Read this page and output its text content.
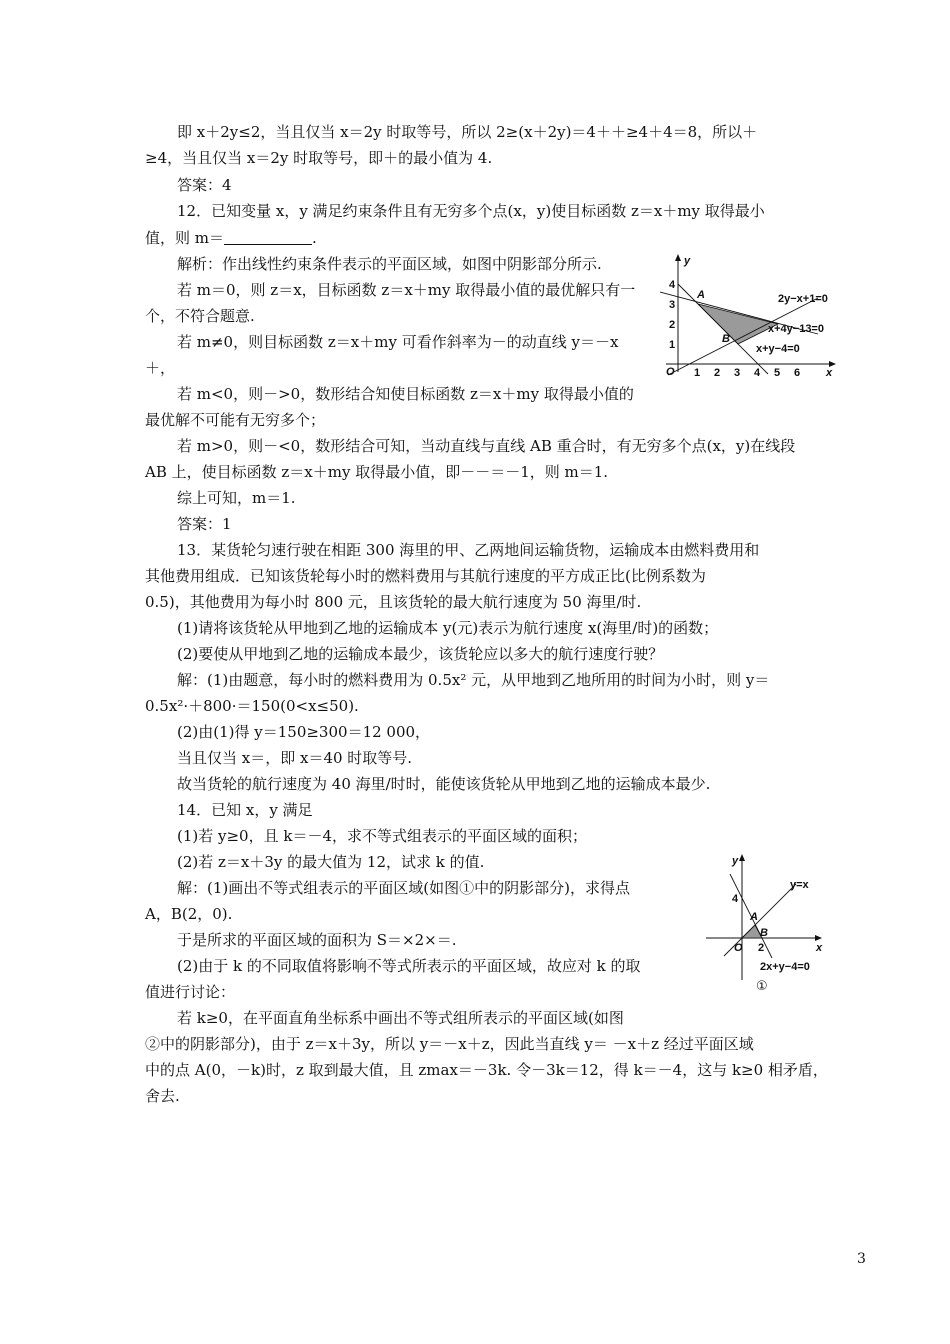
即 x＋2y≤2，当且仅当 x＝2y 时取等号，所以 2≥(x＋2y)＝4＋＋≥4＋4＝8，所以＋
≥4，当且仅当 x＝2y 时取等号，即＋的最小值为 4.
答案：4
12．已知变量 x，y 满足约束条件且有无穷多个点(x，y)使目标函数 z＝x＋my 取得最小
值，则 m＝	.
解析：作出线性约束条件表示的平面区域，如图中阴影部分所示.
若 m＝0，则 z＝x，目标函数 z＝x＋my 取得最小值的最优解只有一
个，不符合题意.
若 m≠0，则目标函数 z＝x＋my 可看作斜率为－的动直线 y＝－x
＋，
若 m<0，则－>0，数形结合知使目标函数 z＝x＋my 取得最小值的
最优解不可能有无穷多个；
若 m>0，则－<0，数形结合可知，当动直线与直线 AB 重合时，有无穷多个点(x，y)在线段
AB 上，使目标函数 z＝x＋my 取得最小值，即－－＝－1，则 m＝1.
综上可知，m＝1.
答案：1
13．某货轮匀速行驶在相距 300 海里的甲、乙两地间运输货物，运输成本由燃料费用和
其他费用组成．已知该货轮每小时的燃料费用与其航行速度的平方成正比(比例系数为
0.5)，其他费用为每小时 800 元，且该货轮的最大航行速度为 50 海里/时.
(1)请将该货轮从甲地到乙地的运输成本 y(元)表示为航行速度 x(海里/时)的函数；
(2)要使从甲地到乙地的运输成本最少，该货轮应以多大的航行速度行驶？
解：(1)由题意，每小时的燃料费用为 0.5x² 元，从甲地到乙地所用的时间为小时，则 y＝
0.5x²·＋800·＝150(0<x≤50).
(2)由(1)得 y＝150≥300＝12 000，
当且仅当 x＝，即 x＝40 时取等号.
故当货轮的航行速度为 40 海里/时时，能使该货轮从甲地到乙地的运输成本最少.
14．已知 x，y 满足
(1)若 y≥0，且 k＝－4，求不等式组表示的平面区域的面积；
(2)若 z＝x＋3y 的最大值为 12，试求 k 的值.
解：(1)画出不等式组表示的平面区域(如图①中的阴影部分)，求得点
A，B(2，0).
于是所求的平面区域的面积为 S＝×2×＝.
(2)由于 k 的不同取值将影响不等式所表示的平面区域，故应对 k 的取
值进行讨论：
若 k≥0，在平面直角坐标系中画出不等式组所表示的平面区域(如图
②中的阴影部分)，由于 z＝x＋3y，所以 y＝－x＋z，因此当直线 y＝ －x＋z 经过平面区域
中的点 A(0，－k)时，z 取到最大值，且 zmax＝－3k. 令－3k＝12，得 k＝－4，这与 k≥0 相矛盾，
舍去.
y
x
O 1 2 3 4 5 6
1
2
3
4
A
B
2y−x+1=0
x+4y−13=0
x+y−4=0
y
x
O
4
2
A
B
y=x
2x+y−4=0
①
3
